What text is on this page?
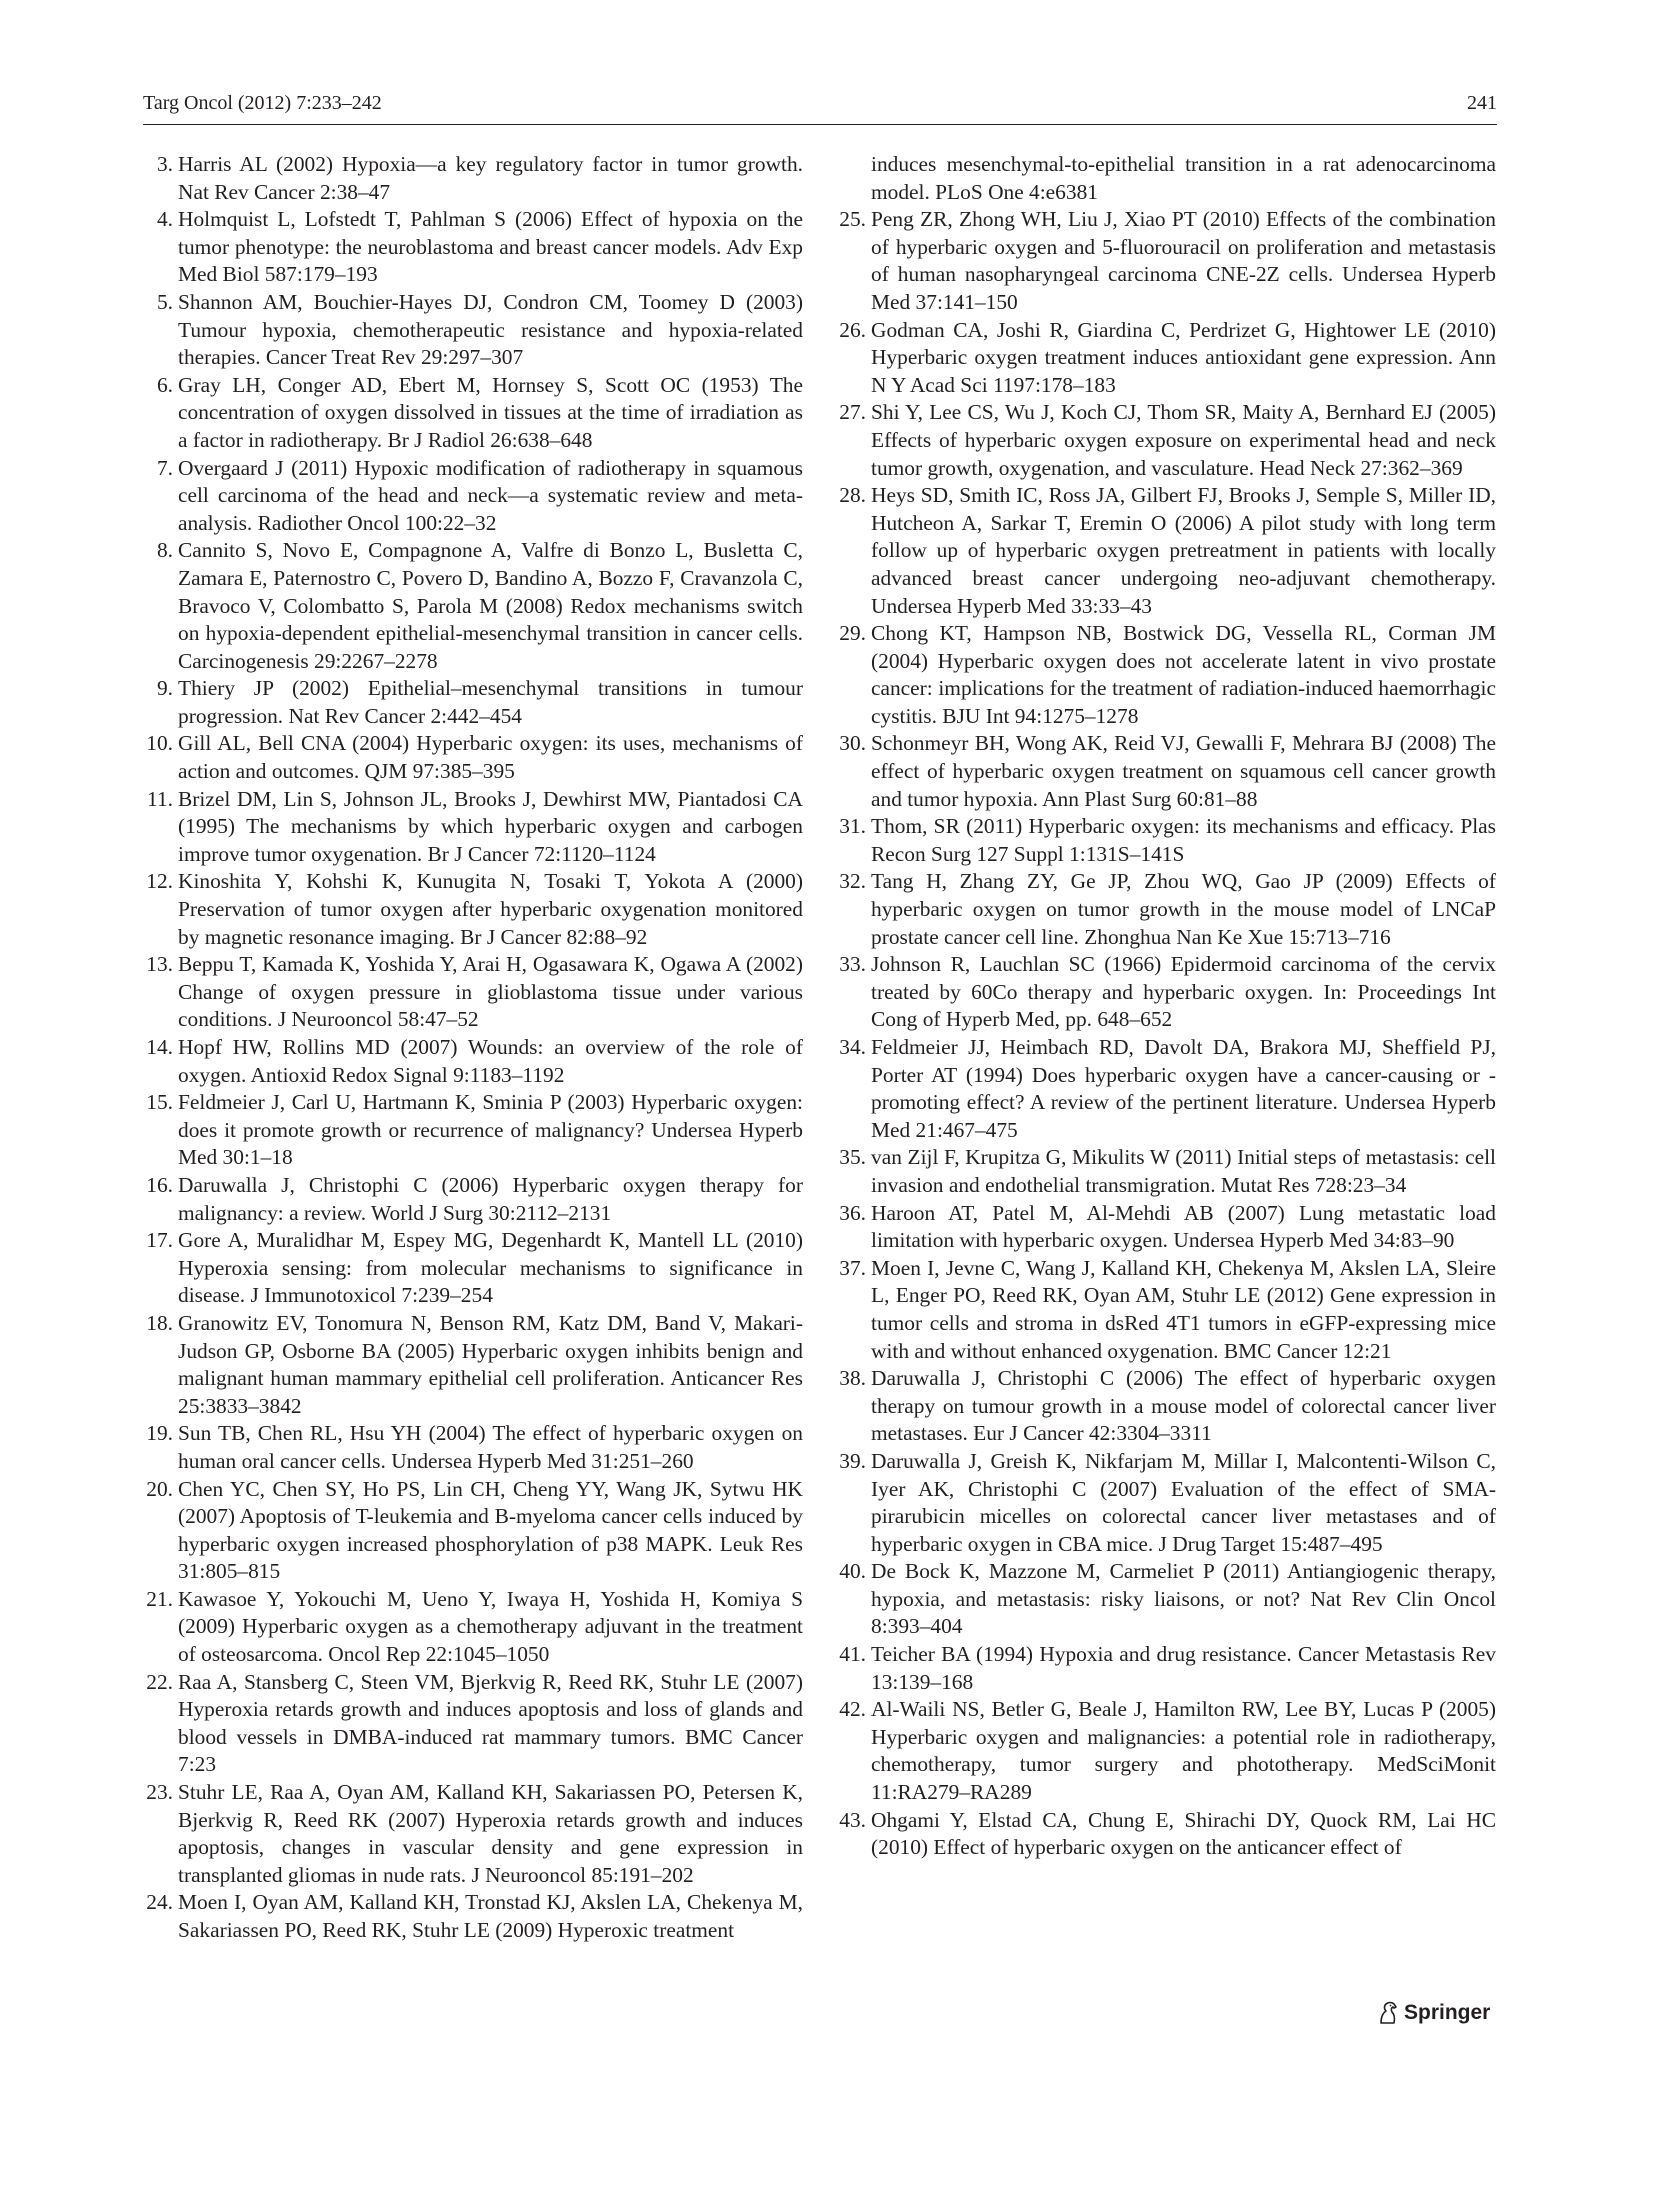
Targ Oncol (2012) 7:233–242	241

3. Harris AL (2002) Hypoxia—a key regulatory factor in tumor growth. Nat Rev Cancer 2:38–47

4. Holmquist L, Lofstedt T, Pahlman S (2006) Effect of hypoxia on the tumor phenotype: the neuroblastoma and breast cancer models. Adv Exp Med Biol 587:179–193

5. Shannon AM, Bouchier-Hayes DJ, Condron CM, Toomey D (2003) Tumour hypoxia, chemotherapeutic resistance and hypoxia-related therapies. Cancer Treat Rev 29:297–307

6. Gray LH, Conger AD, Ebert M, Hornsey S, Scott OC (1953) The concentration of oxygen dissolved in tissues at the time of irradiation as a factor in radiotherapy. Br J Radiol 26:638–648

7. Overgaard J (2011) Hypoxic modification of radiotherapy in squamous cell carcinoma of the head and neck—a systematic review and meta-analysis. Radiother Oncol 100:22–32

8. Cannito S, Novo E, Compagnone A, Valfre di Bonzo L, Busletta C, Zamara E, Paternostro C, Povero D, Bandino A, Bozzo F, Cravanzola C, Bravoco V, Colombatto S, Parola M (2008) Redox mechanisms switch on hypoxia-dependent epithelial-mesenchymal transition in cancer cells. Carcinogenesis 29:2267–2278

9. Thiery JP (2002) Epithelial–mesenchymal transitions in tumour progression. Nat Rev Cancer 2:442–454

10. Gill AL, Bell CNA (2004) Hyperbaric oxygen: its uses, mechanisms of action and outcomes. QJM 97:385–395

11. Brizel DM, Lin S, Johnson JL, Brooks J, Dewhirst MW, Piantadosi CA (1995) The mechanisms by which hyperbaric oxygen and carbogen improve tumor oxygenation. Br J Cancer 72:1120–1124

12. Kinoshita Y, Kohshi K, Kunugita N, Tosaki T, Yokota A (2000) Preservation of tumor oxygen after hyperbaric oxygenation monitored by magnetic resonance imaging. Br J Cancer 82:88–92

13. Beppu T, Kamada K, Yoshida Y, Arai H, Ogasawara K, Ogawa A (2002) Change of oxygen pressure in glioblastoma tissue under various conditions. J Neurooncol 58:47–52

14. Hopf HW, Rollins MD (2007) Wounds: an overview of the role of oxygen. Antioxid Redox Signal 9:1183–1192

15. Feldmeier J, Carl U, Hartmann K, Sminia P (2003) Hyperbaric oxygen: does it promote growth or recurrence of malignancy? Undersea Hyperb Med 30:1–18

16. Daruwalla J, Christophi C (2006) Hyperbaric oxygen therapy for malignancy: a review. World J Surg 30:2112–2131

17. Gore A, Muralidhar M, Espey MG, Degenhardt K, Mantell LL (2010) Hyperoxia sensing: from molecular mechanisms to significance in disease. J Immunotoxicol 7:239–254

18. Granowitz EV, Tonomura N, Benson RM, Katz DM, Band V, Makari-Judson GP, Osborne BA (2005) Hyperbaric oxygen inhibits benign and malignant human mammary epithelial cell proliferation. Anticancer Res 25:3833–3842

19. Sun TB, Chen RL, Hsu YH (2004) The effect of hyperbaric oxygen on human oral cancer cells. Undersea Hyperb Med 31:251–260

20. Chen YC, Chen SY, Ho PS, Lin CH, Cheng YY, Wang JK, Sytwu HK (2007) Apoptosis of T-leukemia and B-myeloma cancer cells induced by hyperbaric oxygen increased phosphorylation of p38 MAPK. Leuk Res 31:805–815

21. Kawasoe Y, Yokouchi M, Ueno Y, Iwaya H, Yoshida H, Komiya S (2009) Hyperbaric oxygen as a chemotherapy adjuvant in the treatment of osteosarcoma. Oncol Rep 22:1045–1050

22. Raa A, Stansberg C, Steen VM, Bjerkvig R, Reed RK, Stuhr LE (2007) Hyperoxia retards growth and induces apoptosis and loss of glands and blood vessels in DMBA-induced rat mammary tumors. BMC Cancer 7:23

23. Stuhr LE, Raa A, Oyan AM, Kalland KH, Sakariassen PO, Petersen K, Bjerkvig R, Reed RK (2007) Hyperoxia retards growth and induces apoptosis, changes in vascular density and gene expression in transplanted gliomas in nude rats. J Neurooncol 85:191–202

24. Moen I, Oyan AM, Kalland KH, Tronstad KJ, Akslen LA, Chekenya M, Sakariassen PO, Reed RK, Stuhr LE (2009) Hyperoxic treatment

induces mesenchymal-to-epithelial transition in a rat adenocarcinoma model. PLoS One 4:e6381

25. Peng ZR, Zhong WH, Liu J, Xiao PT (2010) Effects of the combination of hyperbaric oxygen and 5-fluorouracil on proliferation and metastasis of human nasopharyngeal carcinoma CNE-2Z cells. Undersea Hyperb Med 37:141–150

26. Godman CA, Joshi R, Giardina C, Perdrizet G, Hightower LE (2010) Hyperbaric oxygen treatment induces antioxidant gene expression. Ann N Y Acad Sci 1197:178–183

27. Shi Y, Lee CS, Wu J, Koch CJ, Thom SR, Maity A, Bernhard EJ (2005) Effects of hyperbaric oxygen exposure on experimental head and neck tumor growth, oxygenation, and vasculature. Head Neck 27:362–369

28. Heys SD, Smith IC, Ross JA, Gilbert FJ, Brooks J, Semple S, Miller ID, Hutcheon A, Sarkar T, Eremin O (2006) A pilot study with long term follow up of hyperbaric oxygen pretreatment in patients with locally advanced breast cancer undergoing neo-adjuvant chemotherapy. Undersea Hyperb Med 33:33–43

29. Chong KT, Hampson NB, Bostwick DG, Vessella RL, Corman JM (2004) Hyperbaric oxygen does not accelerate latent in vivo prostate cancer: implications for the treatment of radiation-induced haemorrhagic cystitis. BJU Int 94:1275–1278

30. Schonmeyr BH, Wong AK, Reid VJ, Gewalli F, Mehrara BJ (2008) The effect of hyperbaric oxygen treatment on squamous cell cancer growth and tumor hypoxia. Ann Plast Surg 60:81–88

31. Thom, SR (2011) Hyperbaric oxygen: its mechanisms and efficacy. Plas Recon Surg 127 Suppl 1:131S–141S

32. Tang H, Zhang ZY, Ge JP, Zhou WQ, Gao JP (2009) Effects of hyperbaric oxygen on tumor growth in the mouse model of LNCaP prostate cancer cell line. Zhonghua Nan Ke Xue 15:713–716

33. Johnson R, Lauchlan SC (1966) Epidermoid carcinoma of the cervix treated by 60Co therapy and hyperbaric oxygen. In: Proceedings Int Cong of Hyperb Med, pp. 648–652

34. Feldmeier JJ, Heimbach RD, Davolt DA, Brakora MJ, Sheffield PJ, Porter AT (1994) Does hyperbaric oxygen have a cancer-causing or -promoting effect? A review of the pertinent literature. Undersea Hyperb Med 21:467–475

35. van Zijl F, Krupitza G, Mikulits W (2011) Initial steps of metastasis: cell invasion and endothelial transmigration. Mutat Res 728:23–34

36. Haroon AT, Patel M, Al-Mehdi AB (2007) Lung metastatic load limitation with hyperbaric oxygen. Undersea Hyperb Med 34:83–90

37. Moen I, Jevne C, Wang J, Kalland KH, Chekenya M, Akslen LA, Sleire L, Enger PO, Reed RK, Oyan AM, Stuhr LE (2012) Gene expression in tumor cells and stroma in dsRed 4T1 tumors in eGFP-expressing mice with and without enhanced oxygenation. BMC Cancer 12:21

38. Daruwalla J, Christophi C (2006) The effect of hyperbaric oxygen therapy on tumour growth in a mouse model of colorectal cancer liver metastases. Eur J Cancer 42:3304–3311

39. Daruwalla J, Greish K, Nikfarjam M, Millar I, Malcontenti-Wilson C, Iyer AK, Christophi C (2007) Evaluation of the effect of SMA-pirarubicin micelles on colorectal cancer liver metastases and of hyperbaric oxygen in CBA mice. J Drug Target 15:487–495

40. De Bock K, Mazzone M, Carmeliet P (2011) Antiangiogenic therapy, hypoxia, and metastasis: risky liaisons, or not? Nat Rev Clin Oncol 8:393–404

41. Teicher BA (1994) Hypoxia and drug resistance. Cancer Metastasis Rev 13:139–168

42. Al-Waili NS, Betler G, Beale J, Hamilton RW, Lee BY, Lucas P (2005) Hyperbaric oxygen and malignancies: a potential role in radiotherapy, chemotherapy, tumor surgery and phototherapy. MedSciMonit 11:RA279–RA289

43. Ohgami Y, Elstad CA, Chung E, Shirachi DY, Quock RM, Lai HC (2010) Effect of hyperbaric oxygen on the anticancer effect of

Springer
